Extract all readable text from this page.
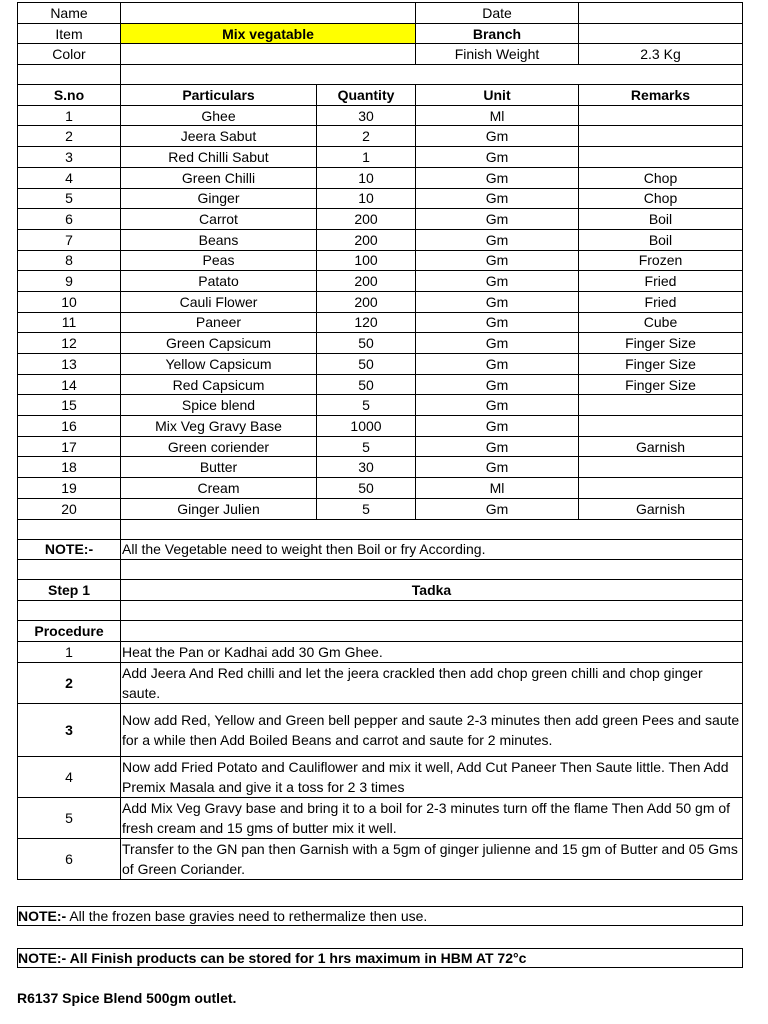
Name			Date	
Item	Mix vegatable		Branch	
Color			Finish Weight	2.3 Kg

S.no	Particulars	Quantity	Unit	Remarks
1	Ghee	30	Ml	
2	Jeera Sabut	2	Gm	
3	Red Chilli Sabut	1	Gm	
4	Green Chilli	10	Gm	Chop
5	Ginger	10	Gm	Chop
6	Carrot	200	Gm	Boil
7	Beans	200	Gm	Boil
8	Peas	100	Gm	Frozen
9	Patato	200	Gm	Fried
10	Cauli Flower	200	Gm	Fried
11	Paneer	120	Gm	Cube
12	Green Capsicum	50	Gm	Finger Size
13	Yellow Capsicum	50	Gm	Finger Size
14	Red Capsicum	50	Gm	Finger Size
15	Spice blend	5	Gm	
16	Mix Veg Gravy Base	1000	Gm	
17	Green coriender	5	Gm	Garnish
18	Butter	30	Gm	
19	Cream	50	Ml	
20	Ginger Julien	5	Gm	Garnish

NOTE:-	All the Vegetable need to weight then Boil or fry According.			

Step 1	Tadka			

Procedure				
1	Heat the Pan or Kadhai add 30 Gm Ghee.			
2	Add Jeera And Red chilli and let the jeera crackled then add chop green chilli and chop ginger saute.			
3	Now add Red, Yellow and Green bell pepper and saute 2-3 minutes then add green Pees and saute for a while then Add Boiled Beans and carrot and saute for 2 minutes.			
4	Now add Fried Potato and Cauliflower and mix it well, Add Cut Paneer Then Saute little. Then Add Premix Masala and give it a toss for 2 3 times			
5	Add Mix Veg Gravy base and bring it to a boil for 2-3 minutes turn off the flame Then Add 50 gm of fresh cream and 15 gms of butter mix it well.			
6	Transfer to the GN pan then Garnish with a 5gm of ginger julienne and 15 gm of Butter and 05 Gms of Green Coriander.			
NOTE:- All the frozen base gravies need to rethermalize then use.
NOTE:- All Finish products can be stored for 1 hrs maximum in HBM AT 72°c
R6137 Spice Blend 500gm outlet.
